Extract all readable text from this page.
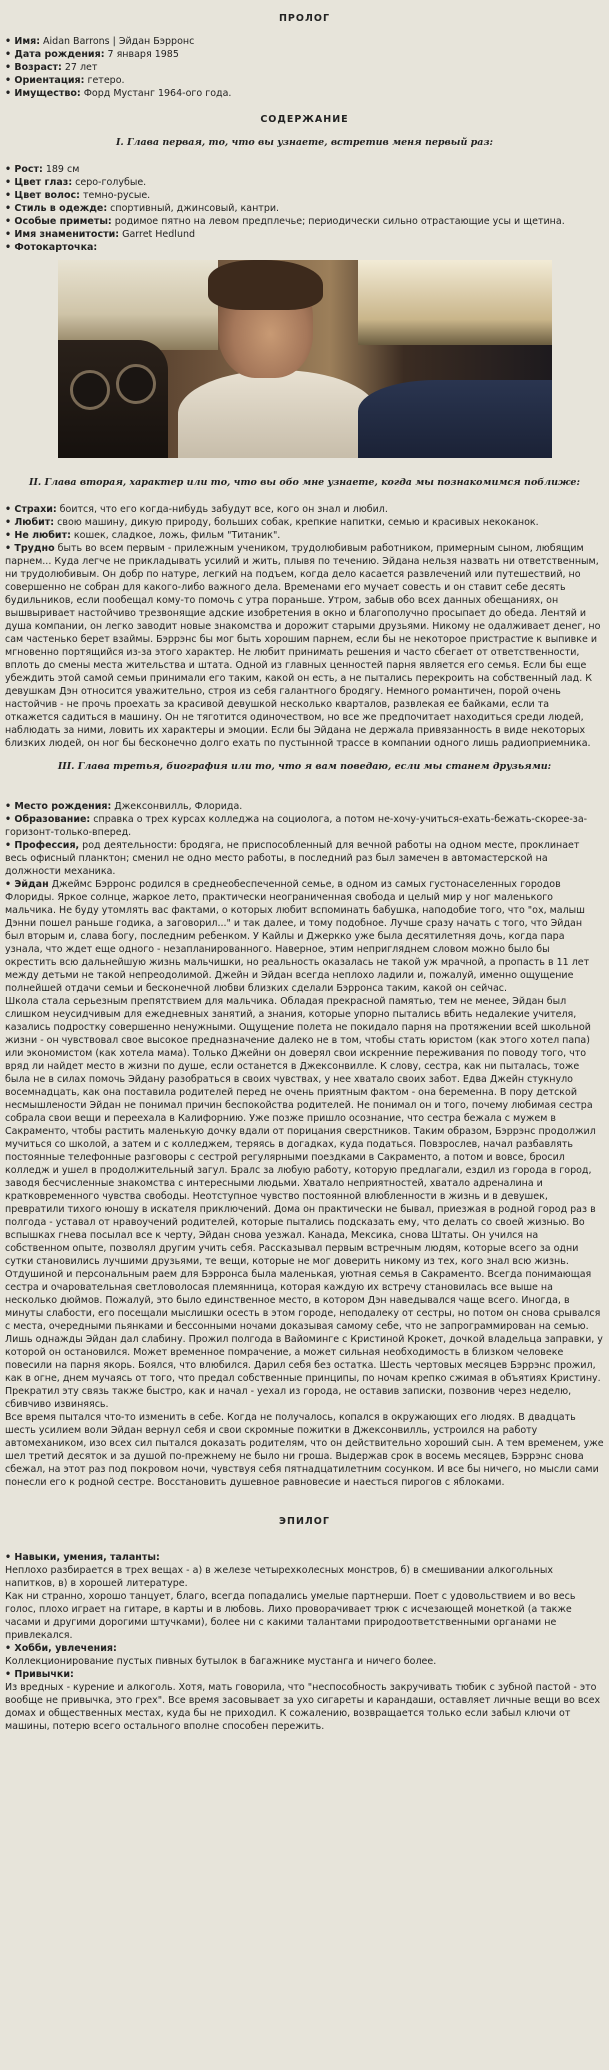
ПРОЛОГ

• Имя: Aidan Barrons | Эйдан Бэрронс

• Дата рождения: 7 января 1985

• Возраст: 27 лет

• Ориентация: гетеро.

• Имущество: Форд Мустанг 1964-ого года.

СОДЕРЖАНИЕ
I. Глава первая, то, что вы узнаете, встретив меня первый раз:

• Рост: 189 см

• Цвет глаз: серо-голубые.

• Цвет волос: темно-русые.

• Стиль в одежде: спортивный, джинсовый, кантри.

• Особые приметы: родимое пятно на левом предплечье; периодически сильно отрастающие усы и щетина.

• Имя знаменитости: Garret Hedlund

• Фотокарточка:

II. Глава вторая, характер или то, что вы обо мне узнаете, когда мы познакомимся поближе:

• Страхи: боится, что его когда-нибудь забудут все, кого он знал и любил.

• Любит: свою машину, дикую природу, больших собак, крепкие напитки, семью и красивых некоканок.

• Не любит: кошек, сладкое, ложь, фильм "Титаник".

• Трудно быть во всем первым - прилежным учеником, трудолюбивым работником, примерным сыном, любящим парнем... Куда легче не прикладывать усилий и жить, плывя по течению. Эйдана нельзя назвать ни ответственным, ни трудолюбивым. Он добр по натуре, легкий на подъем, когда дело касается развлечений или путешествий, но совершенно не собран для какого-либо важного дела. Временами его мучает совесть и он ставит себе десять будильников, если пообещал кому-то помочь с утра пораньше. Утром, забыв обо всех данных обещаниях, он вышвыривает настойчиво трезвонящие адские изобретения в окно и благополучно просыпает до обеда. Лентяй и душа компании, он легко заводит новые знакомства и дорожит старыми друзьями. Никому не одалживает денег, но сам частенько берет взаймы. Бэррэнс бы мог быть хорошим парнем, если бы не некоторое пристрастие к выпивке и мгновенно портящийся из-за этого характер. Не любит принимать решения и часто сбегает от ответственности, вплоть до смены места жительства и штата. Одной из главных ценностей парня является его семья. Если бы еще убеждить этой самой семьи принимали его таким, какой он есть, а не пытались перекроить на собственный лад. К девушкам Дэн относится уважительно, строя из себя галантного бродягу. Немного романтичен, порой очень настойчив - не прочь проехать за красивой девушкой несколько кварталов, развлекая ее байками, если та откажется садиться в машину. Он не тяготится одиночеством, но все же предпочитает находиться среди людей, наблюдать за ними, ловить их характеры и эмоции. Если бы Эйдана не держала привязанность в виде некоторых близких людей, он ног бы бесконечно долго ехать по пустынной трассе в компании одного лишь радиоприемника.

III. Глава третья, биография или то, что я вам поведаю, если мы станем друзьями:

• Место рождения: Джексонвилль, Флорида.

• Образование: справка о трех курсах колледжа на социолога, а потом не-хочу-учиться-ехать-бежать-скорее-за-горизонт-только-вперед.

• Профессия, род деятельности: бродяга, не приспособленный для вечной работы на одном месте, проклинает весь офисный планктон; сменил не одно место работы, в последний раз был замечен в автомастерской на должности механика.

• Эйдан Джеймс Бэрронс родился в среднеобеспеченной семье, в одном из самых густонаселенных городов Флориды. Яркое солнце, жаркое лето, практически неограниченная свобода и целый мир у ног маленького мальчика. Не буду утомлять вас фактами, о которых любит вспоминать бабушка, наподобие того, что "ох, малыш Дэнни пошел раньше годика, а заговорил..." и так далее, и тому подобное. Лучше сразу начать с того, что Эйдан был вторым и, слава богу, последним ребенком. У Кайлы и Джеркко уже была десятилетняя дочь, когда пара узнала, что ждет еще одного - незапланированного. Наверное, этим непригляднем словом можно было бы окрестить всю дальнейшую жизнь мальчишки, но реальность оказалась не такой уж мрачной, а пропасть в 11 лет между детьми не такой непреодолимой. Джейн и Эйдан всегда неплохо ладили и, пожалуй, именно ощущение полнейшей отдачи семьи и бесконечной любви близких сделали Бэрронса таким, какой он сейчас.

Школа стала серьезным препятствием для мальчика. Обладая прекрасной памятью, тем не менее, Эйдан был слишком неусидчивым для ежедневных занятий, а знания, которые упорно пытались вбить недалекие учителя, казались подростку совершенно ненужными. Ощущение полета не покидало парня на протяжении всей школьной жизни - он чувствовал свое высокое предназначение далеко не в том, чтобы стать юристом (как этого хотел папа) или экономистом (как хотела мама). Только Джейни он доверял свои искренние переживания по поводу того, что вряд ли найдет место в жизни по душе, если останется в Джексонвилле. К слову, сестра, как ни пыталась, тоже была не в силах помочь Эйдану разобраться в своих чувствах, у нее хватало своих забот. Едва Джейн стукнуло восемнадцать, как она поставила родителей перед не очень приятным фактом - она беременна. В пору детской несмышлености Эйдан не понимал причин беспокойства родителей. Не понимал он и того, почему любимая сестра собрала свои вещи и переехала в Калифорнию. Уже позже пришло осознание, что сестра бежала с мужем в Сакраменто, чтобы растить маленькую дочку вдали от порицания сверстников. Таким образом, Бэррэнс продолжил мучиться со школой, а затем и с колледжем, теряясь в догадках, куда податься. Повзрослев, начал разбавлять постоянные телефонные разговоры с сестрой регулярными поездками в Сакраменто, а потом и вовсе, бросил колледж и ушел в продолжительный загул. Бралс за любую работу, которую предлагали, ездил из города в город, заводя бесчисленные знакомства с интересными людьми. Хватало неприятностей, хватало адреналина и кратковременного чувства свободы. Неотступное чувство постоянной влюбленности в жизнь и в девушек, превратили тихого юношу в искателя приключений. Дома он практически не бывал, приезжая в родной город раз в полгода - уставал от нравоучений родителей, которые пытались подсказать ему, что делать со своей жизнью. Во вспышках гнева посылал все к черту, Эйдан снова уезжал. Канада, Мексика, снова Штаты. Он учился на собственном опыте, позволял другим учить себя. Рассказывал первым встречным людям, которые всего за одни сутки становились лучшими друзьями, те вещи, которые не мог доверить никому из тех, кого знал всю жизнь.

Отдушиной и персональным раем для Бэрронса была маленькая, уютная семья в Сакраменто. Всегда понимающая сестра и очаровательная светловолосая племянница, которая каждую их встречу становилась все выше на несколько дюймов. Пожалуй, это было единственное место, в котором Дэн наведывался чаще всего. Иногда, в минуты слабости, его посещали мыслишки осесть в этом городе, неподалеку от сестры, но потом он снова срывался с места, очередными пьянками и бессонными ночами доказывая самому себе, что не запрограммирован на семью. Лишь однажды Эйдан дал слабину. Прожил полгода в Вайоминге с Кристиной Крокет, дочкой владельца заправки, у которой он остановился. Может временное помрачение, а может сильная необходимость в близком человеке повесили на парня якорь. Боялся, что влюбился. Дарил себя без остатка. Шесть чертовых месяцев Бэррэнс прожил, как в огне, днем мучаясь от того, что предал собственные принципы, по ночам крепко сжимая в объятиях Кристину. Прекратил эту связь также быстро, как и начал - уехал из города, не оставив записки, позвонив через неделю, сбивчиво извиняясь.

Все время пытался что-то изменить в себе. Когда не получалось, копался в окружающих его людях. В двадцать шесть усилием воли Эйдан вернул себя и свои скромные пожитки в Джексонвилль, устроился на работу автомехаником, изо всех сил пытался доказать родителям, что он действительно хороший сын. А тем временем, уже шел третий десяток и за душой по-прежнему не было ни гроша. Выдержав срок в восемь месяцев, Бэррэнс снова сбежал, на этот раз под покровом ночи, чувствуя себя пятнадцатилетним сосунком. И все бы ничего, но мысли сами понесли его к родной сестре. Восстановить душевное равновесие и наесться пирогов с яблоками.

ЭПИЛОГ

• Навыки, умения, таланты:

Неплохо разбирается в трех вещах - а) в железе четырехколесных монстров, б) в смешивании алкогольных напитков, в) в хорошей литературе.

Как ни странно, хорошо танцует, благо, всегда попадались умелые партнерши. Поет с удовольствием и во весь голос, плохо играет на гитаре, в карты и в любовь. Лихо проворачивает трюк с исчезающей монеткой (а также часами и другими дорогими штучками), более ни с какими талантами природоответственными органами не привлекался.

• Хобби, увлечения:

Коллекционирование пустых пивных бутылок в багажнике мустанга и ничего более.

• Привычки:

Из вредных - курение и алкоголь. Хотя, мать говорила, что "неспособность закручивать тюбик с зубной пастой - это вообще не привычка, это грех". Все время засовывает за ухо сигареты и карандаши, оставляет личные вещи во всех домах и общественных местах, куда бы не приходил. К сожалению, возвращается только если забыл ключи от машины, потерю всего остального вполне способен пережить.
